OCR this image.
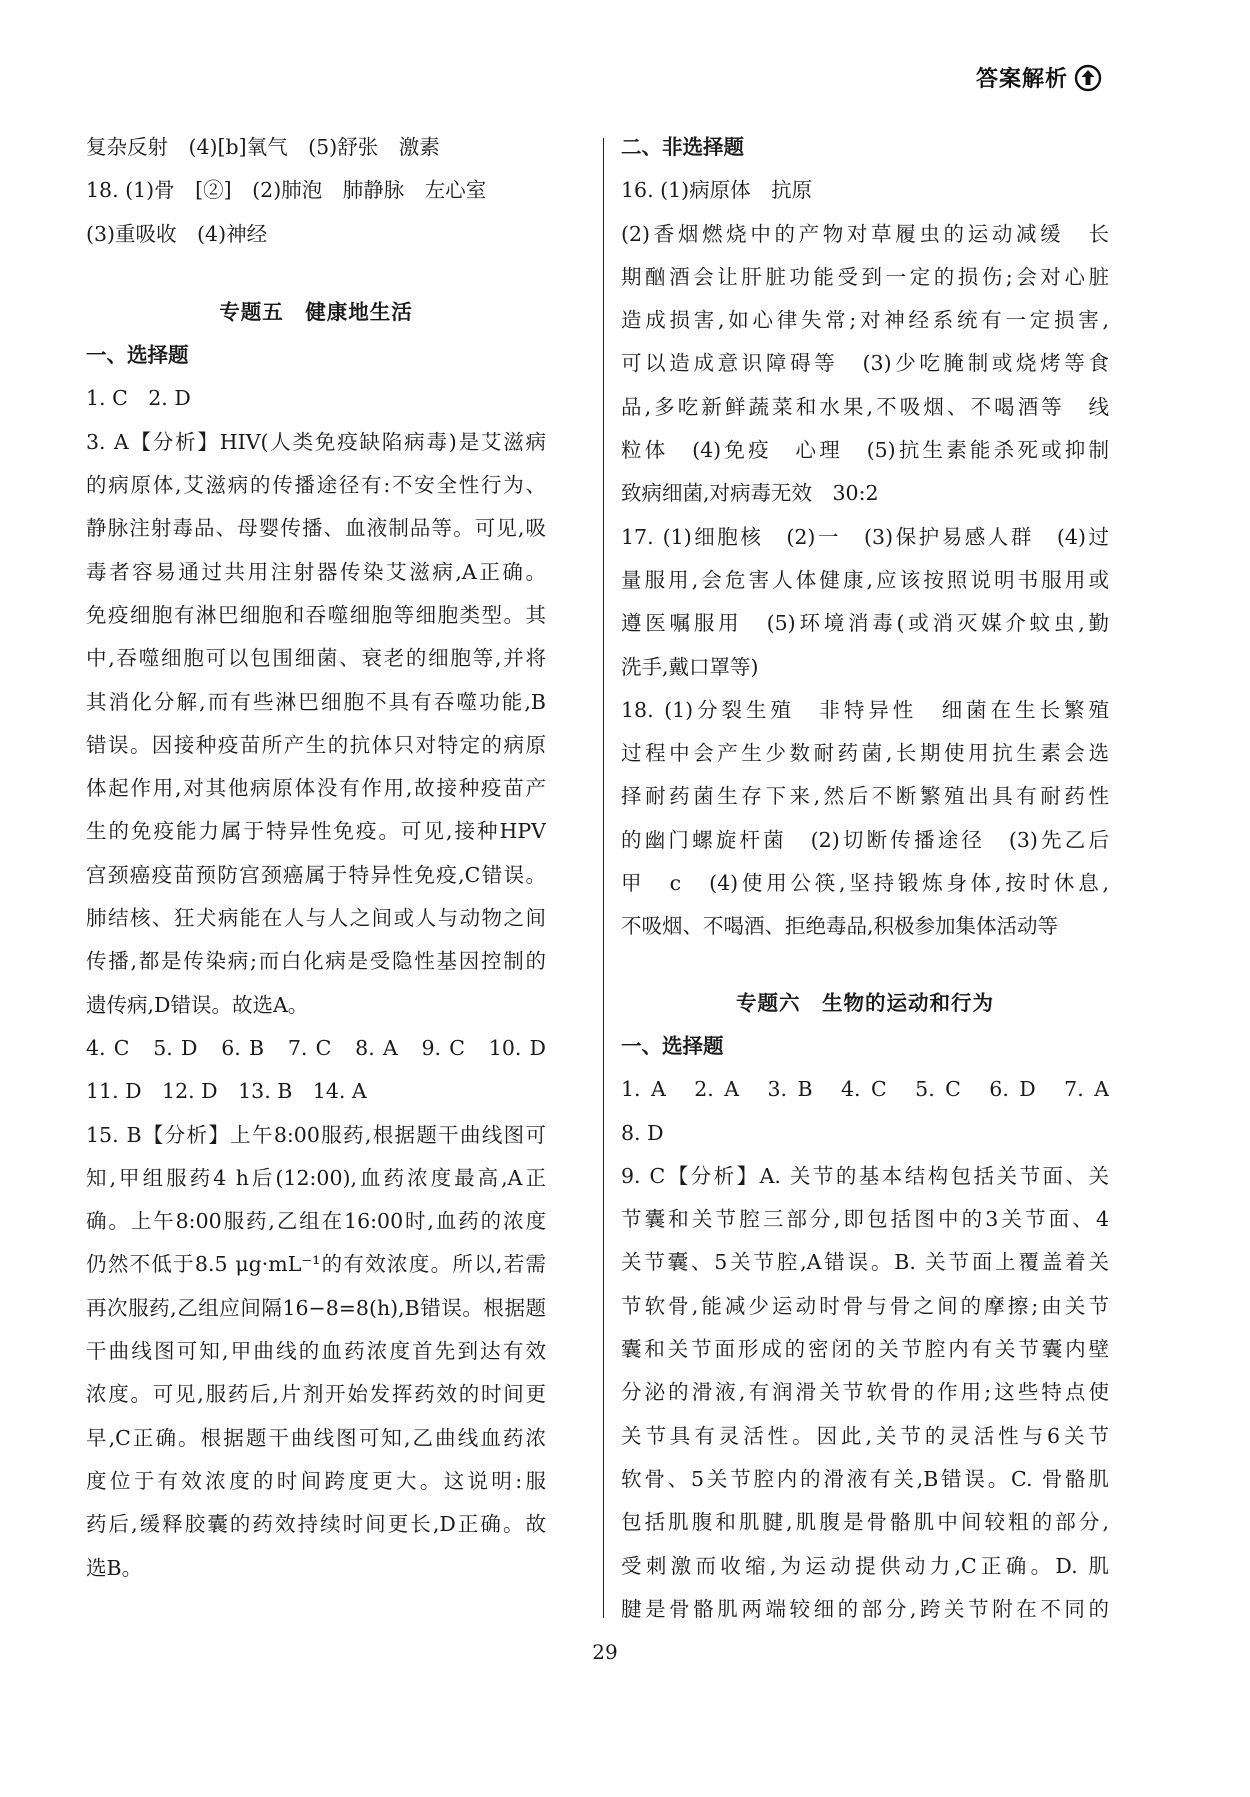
答案解析
复杂反射　(4)[b]氧气　(5)舒张　激素
18. (1)骨　[②]　(2)肺泡　肺静脉　左心室
(3)重吸收　(4)神经
专题五　健康地生活
一、选择题
1. C　2. D
3. A【分析】HIV(人类免疫缺陷病毒)是艾滋病
的病原体,艾滋病的传播途径有:不安全性行为、
静脉注射毒品、母婴传播、血液制品等。可见,吸
毒者容易通过共用注射器传染艾滋病,A正确。
免疫细胞有淋巴细胞和吞噬细胞等细胞类型。其
中,吞噬细胞可以包围细菌、衰老的细胞等,并将
其消化分解,而有些淋巴细胞不具有吞噬功能,B
错误。因接种疫苗所产生的抗体只对特定的病原
体起作用,对其他病原体没有作用,故接种疫苗产
生的免疫能力属于特异性免疫。可见,接种HPV
宫颈癌疫苗预防宫颈癌属于特异性免疫,C错误。
肺结核、狂犬病能在人与人之间或人与动物之间
传播,都是传染病;而白化病是受隐性基因控制的
遗传病,D错误。故选A。
4. C　5. D　6. B　7. C　8. A　9. C　10. D
11. D　12. D　13. B　14. A
15. B【分析】上午8:00服药,根据题干曲线图可
知,甲组服药4 h后(12:00),血药浓度最高,A正
确。上午8:00服药,乙组在16:00时,血药的浓度
仍然不低于8.5 μg·mL⁻¹的有效浓度。所以,若需
再次服药,乙组应间隔16−8=8(h),B错误。根据题
干曲线图可知,甲曲线的血药浓度首先到达有效
浓度。可见,服药后,片剂开始发挥药效的时间更
早,C正确。根据题干曲线图可知,乙曲线血药浓
度位于有效浓度的时间跨度更大。这说明:服
药后,缓释胶囊的药效持续时间更长,D正确。故
选B。
二、非选择题
16. (1)病原体　抗原
(2)香烟燃烧中的产物对草履虫的运动减缓　长
期酗酒会让肝脏功能受到一定的损伤;会对心脏
造成损害,如心律失常;对神经系统有一定损害,
可以造成意识障碍等　(3)少吃腌制或烧烤等食
品,多吃新鲜蔬菜和水果,不吸烟、不喝酒等　线
粒体　(4)免疫　心理　(5)抗生素能杀死或抑制
致病细菌,对病毒无效　30:2
17. (1)细胞核　(2)一　(3)保护易感人群　(4)过
量服用,会危害人体健康,应该按照说明书服用或
遵医嘱服用　(5)环境消毒(或消灭媒介蚊虫,勤
洗手,戴口罩等)
18. (1)分裂生殖　非特异性　细菌在生长繁殖
过程中会产生少数耐药菌,长期使用抗生素会选
择耐药菌生存下来,然后不断繁殖出具有耐药性
的幽门螺旋杆菌　(2)切断传播途径　(3)先乙后
甲　c　(4)使用公筷,坚持锻炼身体,按时休息,
不吸烟、不喝酒、拒绝毒品,积极参加集体活动等
专题六　生物的运动和行为
一、选择题
1. A　2. A　3. B　4. C　5. C　6. D　7. A
8. D
9. C【分析】A. 关节的基本结构包括关节面、关
节囊和关节腔三部分,即包括图中的3关节面、4
关节囊、5关节腔,A错误。B. 关节面上覆盖着关
节软骨,能减少运动时骨与骨之间的摩擦;由关节
囊和关节面形成的密闭的关节腔内有关节囊内壁
分泌的滑液,有润滑关节软骨的作用;这些特点使
关节具有灵活性。因此,关节的灵活性与6关节
软骨、5关节腔内的滑液有关,B错误。C. 骨骼肌
包括肌腹和肌腱,肌腹是骨骼肌中间较粗的部分,
受刺激而收缩,为运动提供动力,C正确。D. 肌
腱是骨骼肌两端较细的部分,跨关节附在不同的
29
